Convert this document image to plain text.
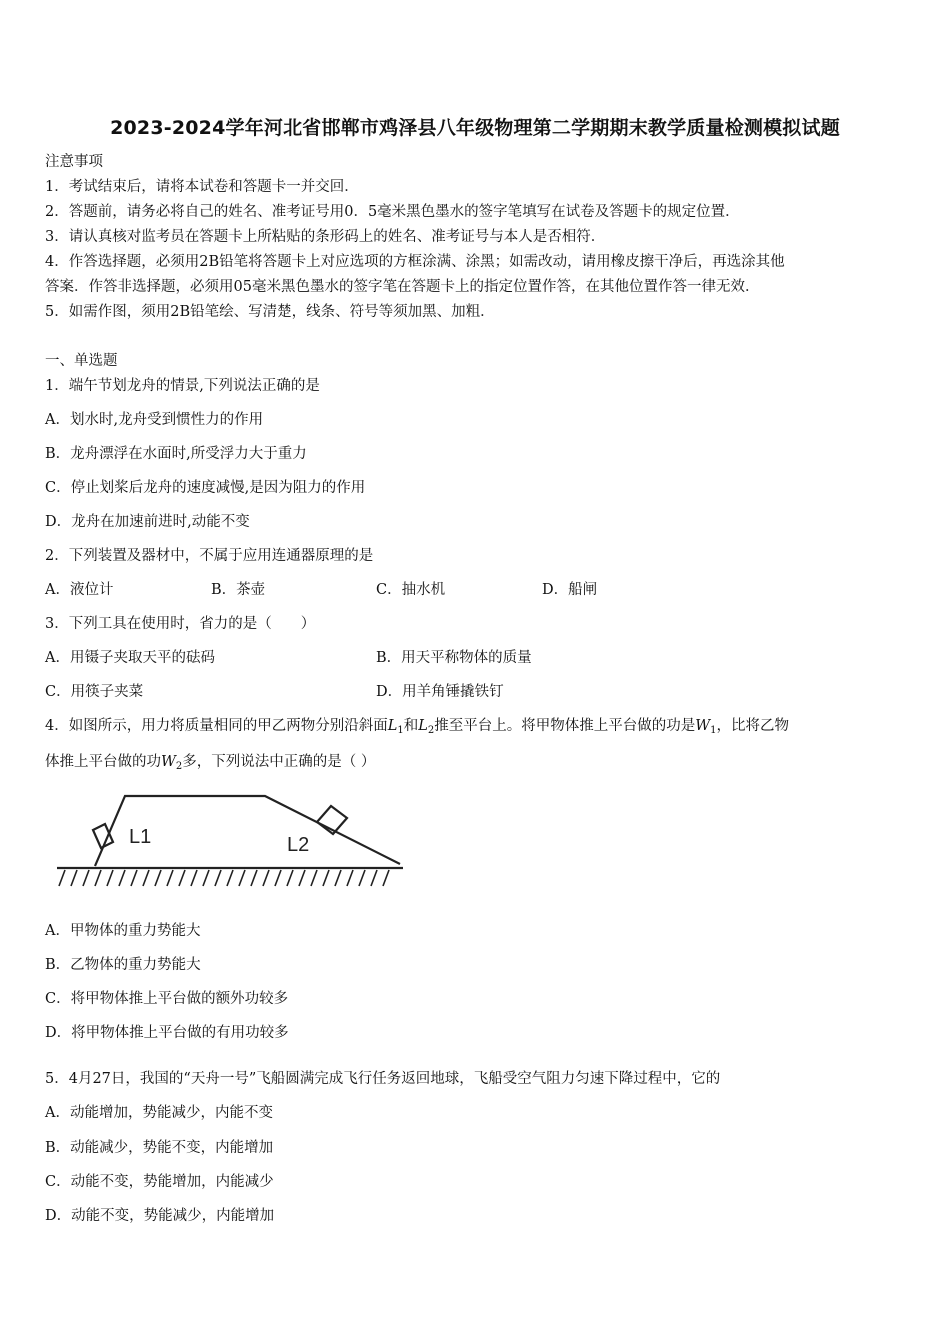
2023-2024学年河北省邯郸市鸡泽县八年级物理第二学期期末教学质量检测模拟试题
注意事项
1．考试结束后，请将本试卷和答题卡一并交回．
2．答题前，请务必将自己的姓名、准考证号用0．5毫米黑色墨水的签字笔填写在试卷及答题卡的规定位置．
3．请认真核对监考员在答题卡上所粘贴的条形码上的姓名、准考证号与本人是否相符．
4．作答选择题，必须用2B铅笔将答题卡上对应选项的方框涂满、涂黑；如需改动，请用橡皮擦干净后，再选涂其他
答案．作答非选择题，必须用05毫米黑色墨水的签字笔在答题卡上的指定位置作答，在其他位置作答一律无效．
5．如需作图，须用2B铅笔绘、写清楚，线条、符号等须加黑、加粗．
一、单选题
1．端午节划龙舟的情景,下列说法正确的是
A．划水时,龙舟受到惯性力的作用
B．龙舟漂浮在水面时,所受浮力大于重力
C．停止划桨后龙舟的速度减慢,是因为阻力的作用
D．龙舟在加速前进时,动能不变
2．下列装置及器材中，不属于应用连通器原理的是
A．液位计	B．茶壶	C．抽水机	D．船闸
3．下列工具在使用时，省力的是（　　）
A．用镊子夹取天平的砝码	B．用天平称物体的质量
C．用筷子夹菜	D．用羊角锤撬铁钉
4．如图所示，用力将质量相同的甲乙两物分别沿斜面$L_1$和$L_2$推至平台上。将甲物体推上平台做的功是$W_1$，比将乙物
体推上平台做的功$W_2$多，下列说法中正确的是（ ）
L1	L2
A．甲物体的重力势能大
B．乙物体的重力势能大
C．将甲物体推上平台做的额外功较多
D．将甲物体推上平台做的有用功较多
5．4月27日，我国的“天舟一号”飞船圆满完成飞行任务返回地球，飞船受空气阻力匀速下降过程中，它的
A．动能增加，势能减少，内能不变
B．动能减少，势能不变，内能增加
C．动能不变，势能增加，内能减少
D．动能不变，势能减少，内能增加
